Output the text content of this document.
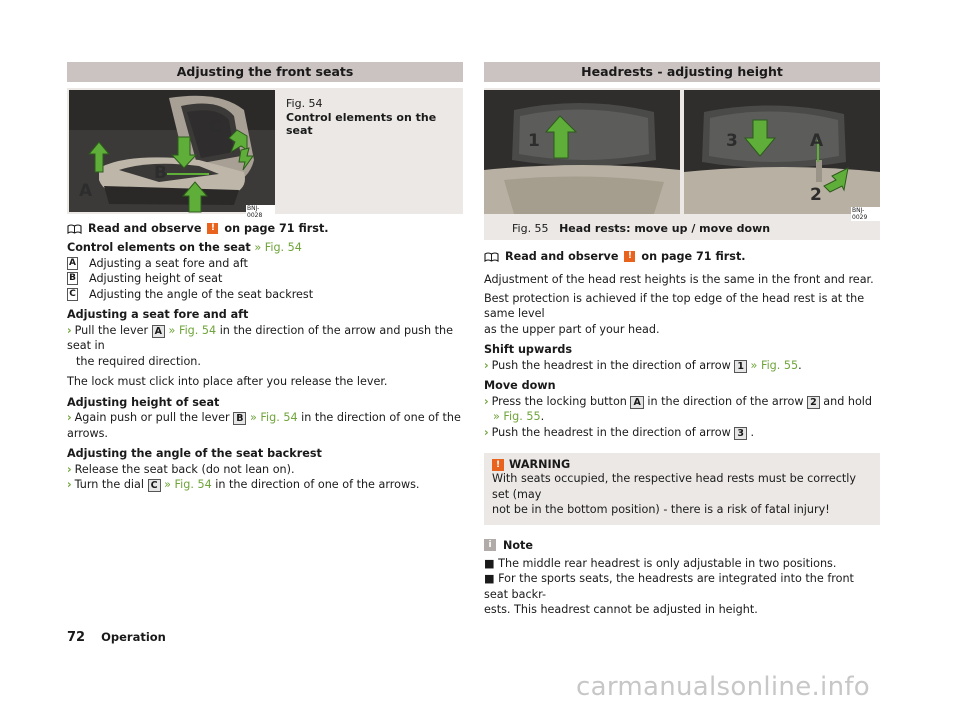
Adjusting the front seats
A
B
C
BNJ-0028
Fig. 54
Control elements on the seat
Read and observe	! on page 71 first.

Control elements on the seat » Fig. 54

A Adjusting a seat fore and aft
B Adjusting height of seat
C Adjusting the angle of the seat backrest

Adjusting a seat fore and aft

› Pull the lever A » Fig. 54 in the direction of the arrow and push the seat in

the required direction.

The lock must click into place after you release the lever.

Adjusting height of seat

› Again push or pull the lever B » Fig. 54 in the direction of one of the arrows.

Adjusting the angle of the seat backrest

› Release the seat back (do not lean on).

› Turn the dial C » Fig. 54 in the direction of one of the arrows.

Headrests - adjusting height
1	3	A
2
BNJ-0029
Fig. 55 Head rests: move up / move down
Read and observe	! on page 71 first.

Adjustment of the head rest heights is the same in the front and rear.

Best protection is achieved if the top edge of the head rest is at the same level

as the upper part of your head.

Shift upwards

› Push the headrest in the direction of arrow 1 » Fig. 55.

Move down

› Press the locking button A in the direction of the arrow 2 and hold

» Fig. 55.

› Push the headrest in the direction of arrow 3 .

! WARNING

With seats occupied, the respective head rests must be correctly set (may

not be in the bottom position) - there is a risk of fatal injury!

i	Note

■ The middle rear headrest is only adjustable in two positions.

■ For the sports seats, the headrests are integrated into the front seat backr-

ests. This headrest cannot be adjusted in height.

72 Operation
carmanualsonline.info
